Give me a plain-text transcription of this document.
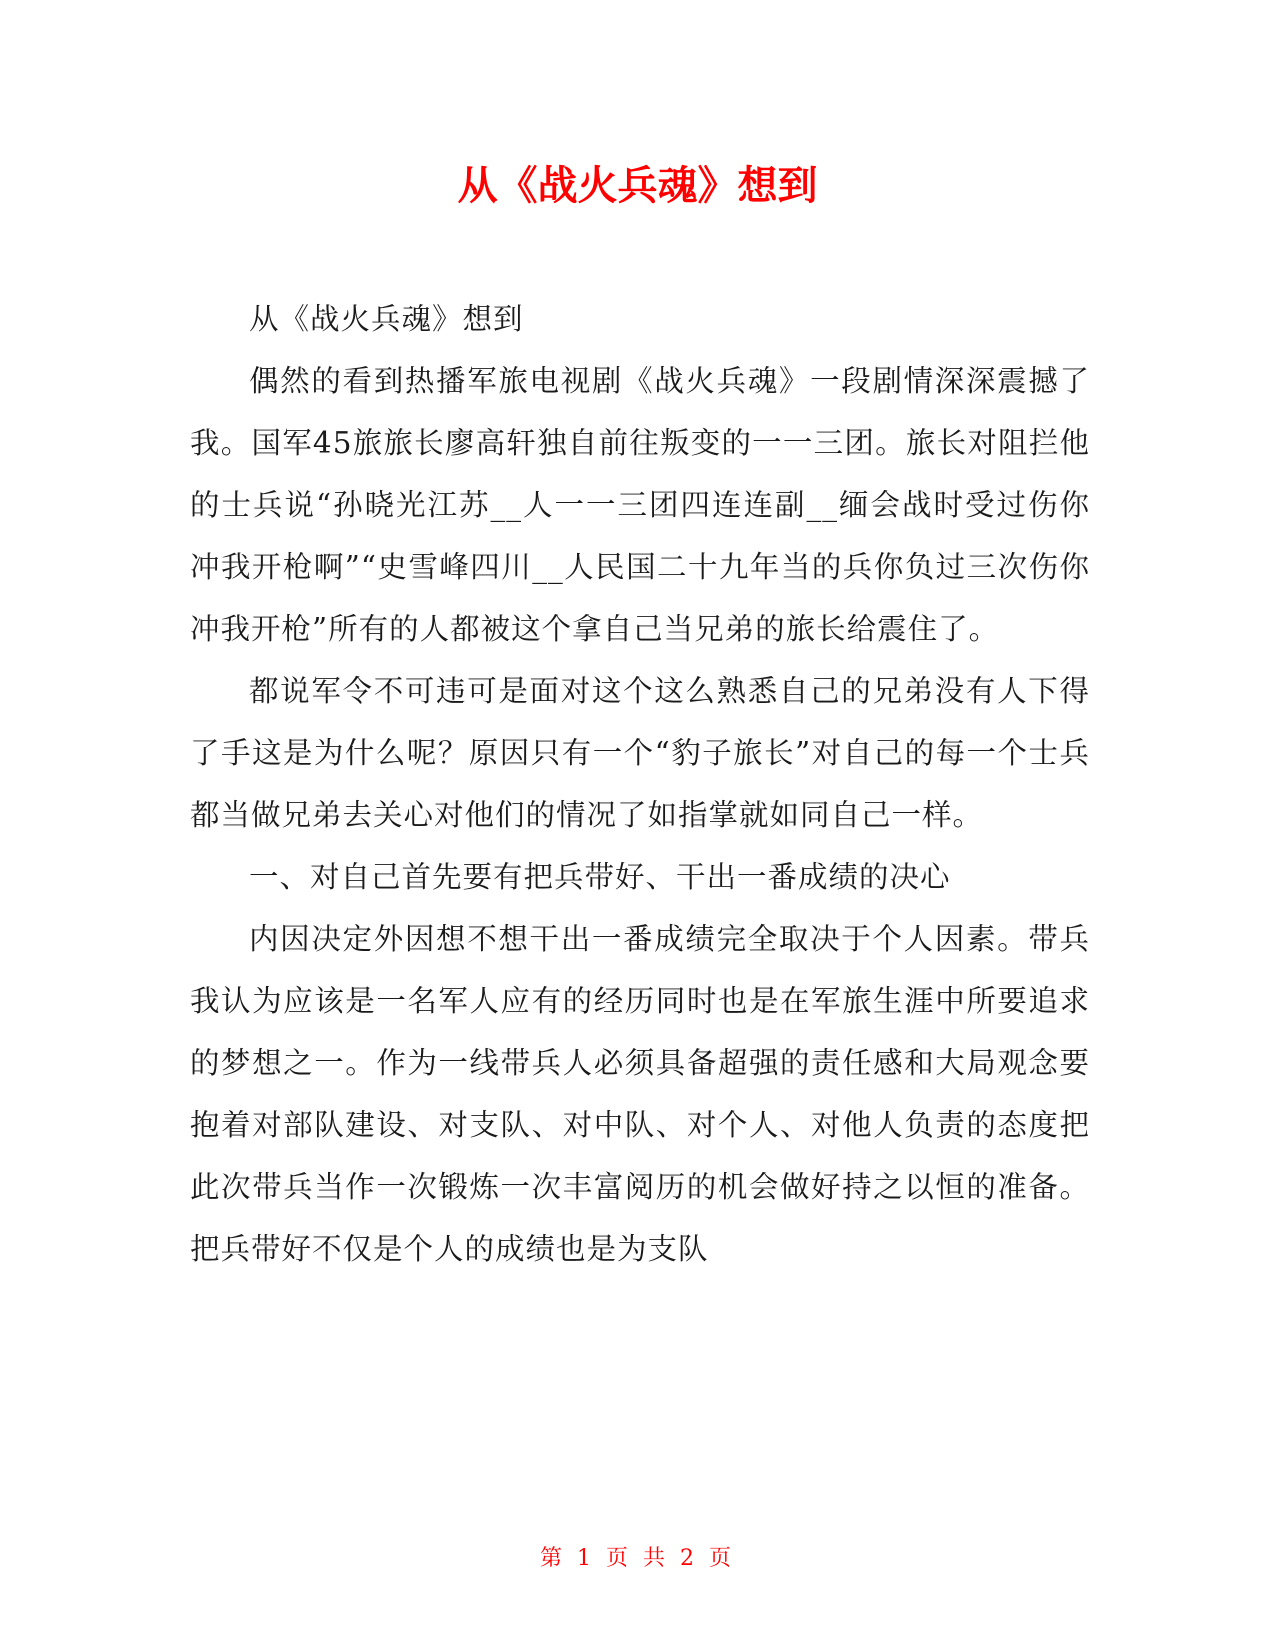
从《战火兵魂》想到

从《战火兵魂》想到

偶然的看到热播军旅电视剧《战火兵魂》一段剧情深深震撼了我。国军45旅旅长廖高轩独自前往叛变的一一三团。旅长对阻拦他的士兵说“孙晓光江苏__人一一三团四连连副__缅会战时受过伤你冲我开枪啊”“史雪峰四川__人民国二十九年当的兵你负过三次伤你冲我开枪”所有的人都被这个拿自己当兄弟的旅长给震住了。

都说军令不可违可是面对这个这么熟悉自己的兄弟没有人下得了手这是为什么呢？原因只有一个“豹子旅长”对自己的每一个士兵都当做兄弟去关心对他们的情况了如指掌就如同自己一样。

一、对自己首先要有把兵带好、干出一番成绩的决心

内因决定外因想不想干出一番成绩完全取决于个人因素。带兵我认为应该是一名军人应有的经历同时也是在军旅生涯中所要追求的梦想之一。作为一线带兵人必须具备超强的责任感和大局观念要抱着对部队建设、对支队、对中队、对个人、对他人负责的态度把此次带兵当作一次锻炼一次丰富阅历的机会做好持之以恒的准备。把兵带好不仅是个人的成绩也是为支队

第 1 页 共 2 页
